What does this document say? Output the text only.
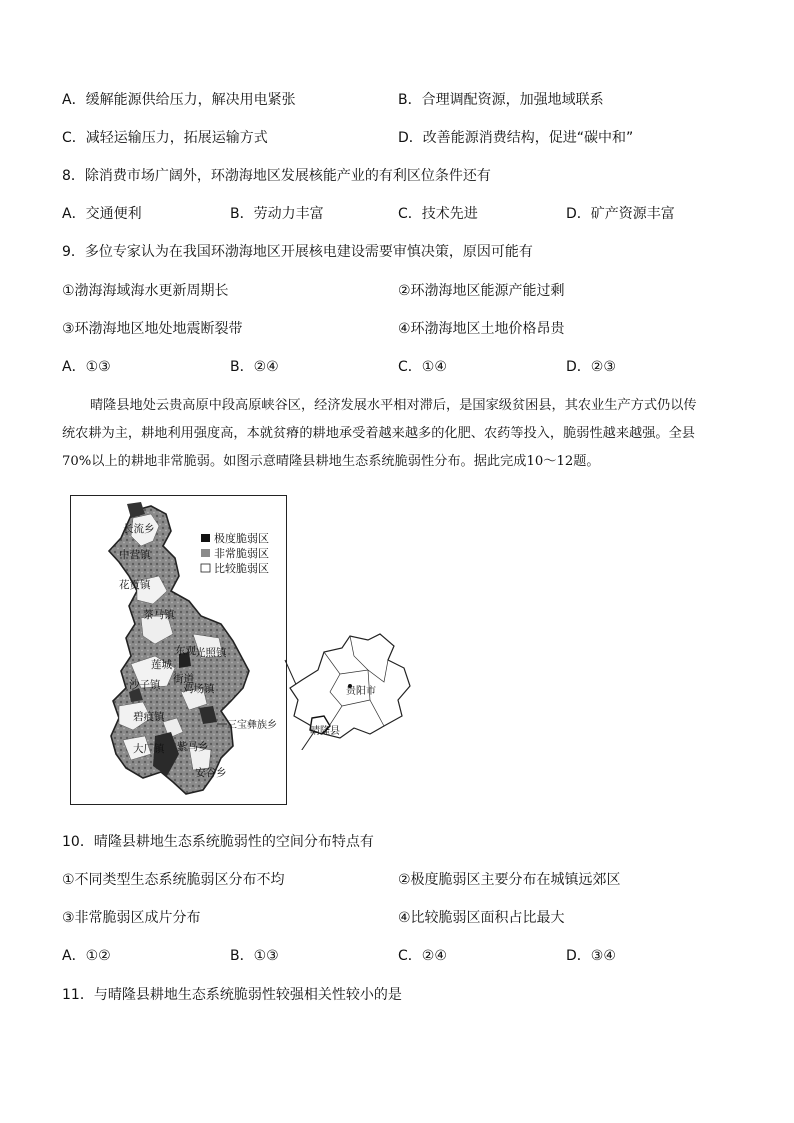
A．缓解能源供给压力，解决用电紧张	B．合理调配资源，加强地域联系
C．减轻运输压力，拓展运输方式	D．改善能源消费结构，促进“碳中和”
8．除消费市场广阔外，环渤海地区发展核能产业的有利区位条件还有
A．交通便利	B．劳动力丰富	C．技术先进	D．矿产资源丰富
9．多位专家认为在我国环渤海地区开展核电建设需要审慎决策，原因可能有
①渤海海域海水更新周期长	②环渤海地区能源产能过剩
③环渤海地区地处地震断裂带	④环渤海地区土地价格昂贵
A．①③	B．②④	C．①④	D．②③
晴隆县地处云贵高原中段高原峡谷区，经济发展水平相对滞后，是国家级贫困县，其农业生产方式仍以传
统农耕为主，耕地利用强度高，本就贫瘠的耕地承受着越来越多的化肥、农药等投入，脆弱性越来越强。全县
70%以上的耕地非常脆弱。如图示意晴隆县耕地生态系统脆弱性分布。据此完成10～12题。
极度脆弱区
非常脆弱区
比较脆弱区
长流乡
中营镇
花贡镇
茶马镇
光照镇
莲城
东观
街道
沙子镇
碧痕镇
鸡场镇
三宝彝族乡
大厂镇 紫马乡
安谷乡
贵阳市
晴隆县
10．晴隆县耕地生态系统脆弱性的空间分布特点有
①不同类型生态系统脆弱区分布不均	②极度脆弱区主要分布在城镇远郊区
③非常脆弱区成片分布	④比较脆弱区面积占比最大
A．①②	B．①③	C．②④	D．③④
11．与晴隆县耕地生态系统脆弱性较强相关性较小的是
